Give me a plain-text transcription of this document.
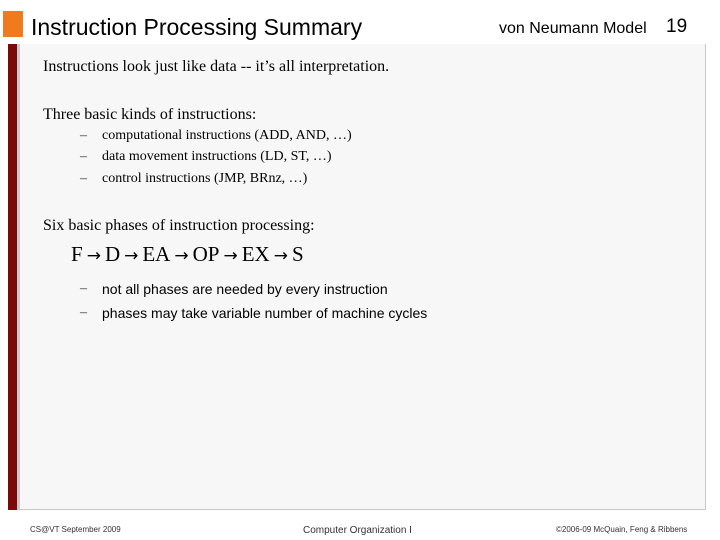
Instruction Processing Summary	von Neumann Model 19
Instructions look just like data -- it’s all interpretation.
Three basic kinds of instructions:
– computational instructions (ADD, AND, …)
– data movement instructions (LD, ST, …)
– control instructions (JMP, BRnz, …)
Six basic phases of instruction processing:
F → D → EA → OP → EX → S
– not all phases are needed by every instruction
– phases may take variable number of machine cycles
CS@VT September 2009	Computer Organization I	©2006-09 McQuain, Feng & Ribbens
